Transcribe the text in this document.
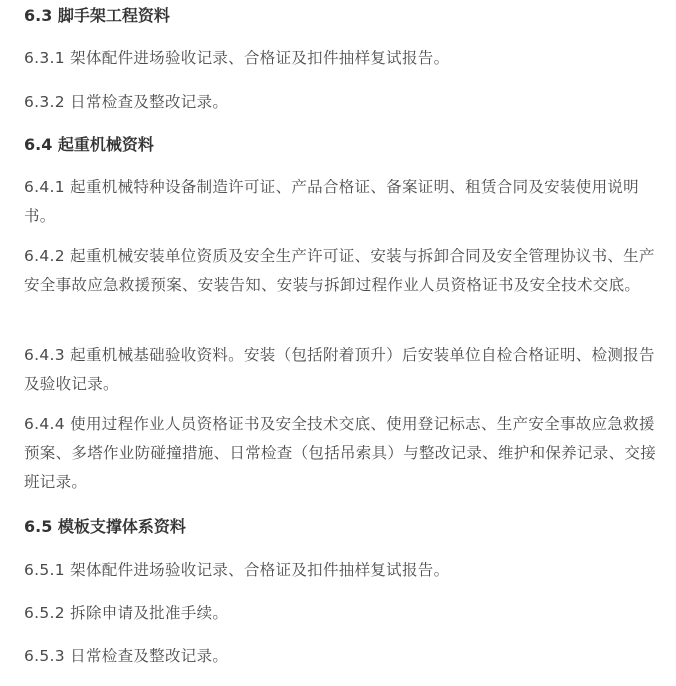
6.3 脚手架工程资料
6.3.1 架体配件进场验收记录、合格证及扣件抽样复试报告。
6.3.2 日常检查及整改记录。
6.4 起重机械资料
6.4.1 起重机械特种设备制造许可证、产品合格证、备案证明、租赁合同及安装使用说明书。
6.4.2 起重机械安装单位资质及安全生产许可证、安装与拆卸合同及安全管理协议书、生产安全事故应急救援预案、安装告知、安装与拆卸过程作业人员资格证书及安全技术交底。
6.4.3 起重机械基础验收资料。安装（包括附着顶升）后安装单位自检合格证明、检测报告及验收记录。
6.4.4 使用过程作业人员资格证书及安全技术交底、使用登记标志、生产安全事故应急救援预案、多塔作业防碰撞措施、日常检查（包括吊索具）与整改记录、维护和保养记录、交接班记录。
6.5 模板支撑体系资料
6.5.1 架体配件进场验收记录、合格证及扣件抽样复试报告。
6.5.2 拆除申请及批准手续。
6.5.3 日常检查及整改记录。
